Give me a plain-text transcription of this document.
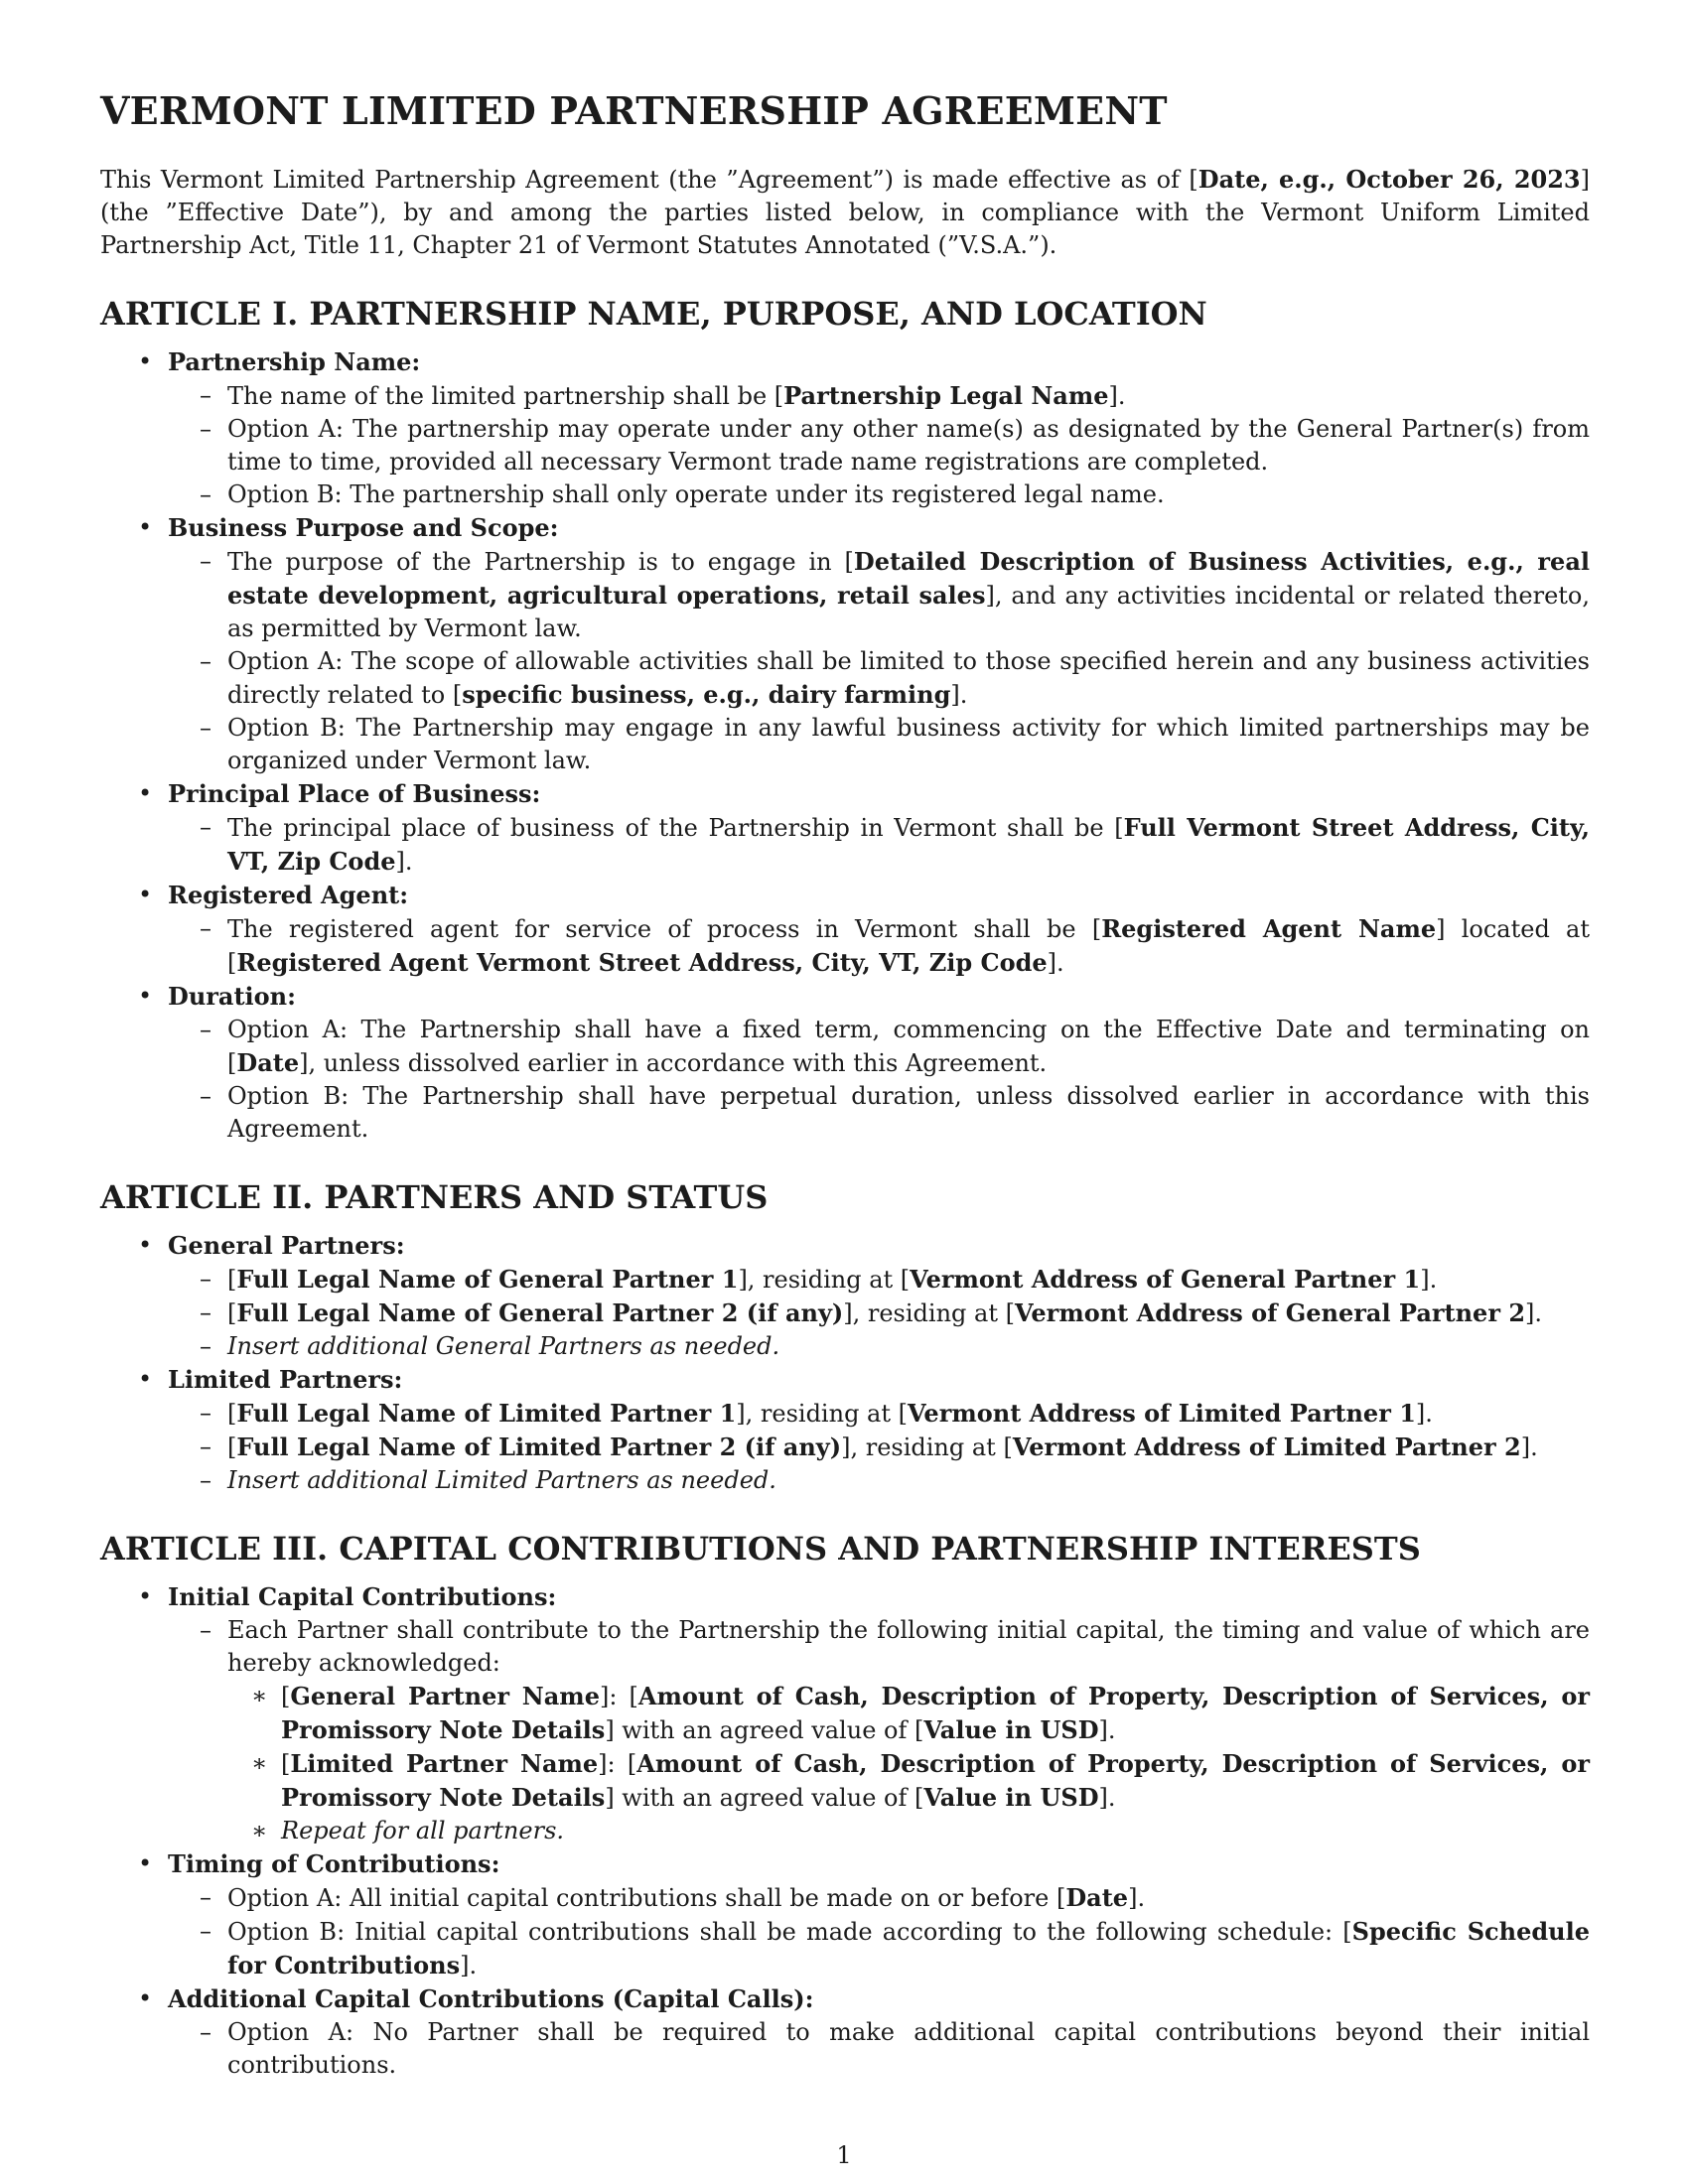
VERMONT LIMITED PARTNERSHIP AGREEMENT

This Vermont Limited Partnership Agreement (the ”Agreement”) is made effective as of [Date, e.g., October 26, 2023] (the ”Effective Date”), by and among the parties listed below, in compliance with the Vermont Uniform Limited Partnership Act, Title 11, Chapter 21 of Vermont Statutes Annotated (”V.S.A.”).

ARTICLE I. PARTNERSHIP NAME, PURPOSE, AND LOCATION
• Partnership Name:
– The name of the limited partnership shall be [Partnership Legal Name].
– Option A: The partnership may operate under any other name(s) as designated by the General Partner(s) from time to time, provided all necessary Vermont trade name registrations are completed.
– Option B: The partnership shall only operate under its registered legal name.
• Business Purpose and Scope:
– The purpose of the Partnership is to engage in [Detailed Description of Business Activities, e.g., real estate development, agricultural operations, retail sales], and any activities incidental or related thereto, as permitted by Vermont law.
– Option A: The scope of allowable activities shall be limited to those specified herein and any business activities directly related to [specific business, e.g., dairy farming].
– Option B: The Partnership may engage in any lawful business activity for which limited partnerships may be organized under Vermont law.
• Principal Place of Business:
– The principal place of business of the Partnership in Vermont shall be [Full Vermont Street Address, City, VT, Zip Code].
• Registered Agent:
– The registered agent for service of process in Vermont shall be [Registered Agent Name] located at [Registered Agent Vermont Street Address, City, VT, Zip Code].
• Duration:
– Option A: The Partnership shall have a fixed term, commencing on the Effective Date and terminating on [Date], unless dissolved earlier in accordance with this Agreement.
– Option B: The Partnership shall have perpetual duration, unless dissolved earlier in accordance with this Agreement.
ARTICLE II. PARTNERS AND STATUS
• General Partners:
– [Full Legal Name of General Partner 1], residing at [Vermont Address of General Partner 1].
– [Full Legal Name of General Partner 2 (if any)], residing at [Vermont Address of General Partner 2].
– Insert additional General Partners as needed.
• Limited Partners:
– [Full Legal Name of Limited Partner 1], residing at [Vermont Address of Limited Partner 1].
– [Full Legal Name of Limited Partner 2 (if any)], residing at [Vermont Address of Limited Partner 2].
– Insert additional Limited Partners as needed.
ARTICLE III. CAPITAL CONTRIBUTIONS AND PARTNERSHIP INTERESTS
• Initial Capital Contributions:
– Each Partner shall contribute to the Partnership the following initial capital, the timing and value of which are hereby acknowledged:
∗ [General Partner Name]: [Amount of Cash, Description of Property, Description of Services, or Promissory Note Details] with an agreed value of [Value in USD].
∗ [Limited Partner Name]: [Amount of Cash, Description of Property, Description of Services, or Promissory Note Details] with an agreed value of [Value in USD].
∗ Repeat for all partners.
• Timing of Contributions:
– Option A: All initial capital contributions shall be made on or before [Date].
– Option B: Initial capital contributions shall be made according to the following schedule: [Specific Schedule for Contributions].
• Additional Capital Contributions (Capital Calls):
– Option A: No Partner shall be required to make additional capital contributions beyond their initial contributions.
1
